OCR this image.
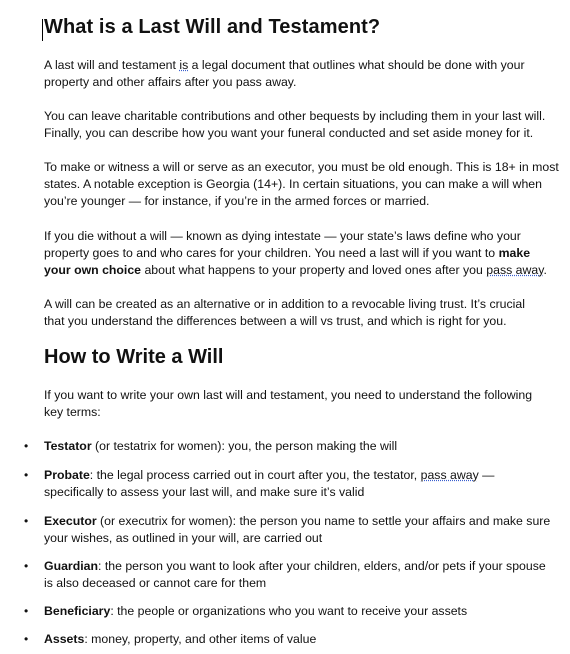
What is a Last Will and Testament?

A last will and testament is a legal document that outlines what should be done with your
property and other affairs after you pass away.

You can leave charitable contributions and other bequests by including them in your last will.
Finally, you can describe how you want your funeral conducted and set aside money for it.

To make or witness a will or serve as an executor, you must be old enough. This is 18+ in most
states. A notable exception is Georgia (14+). In certain situations, you can make a will when
you’re younger — for instance, if you’re in the armed forces or married.

If you die without a will — known as dying intestate — your state’s laws define who your
property goes to and who cares for your children. You need a last will if you want to make
your own choice about what happens to your property and loved ones after you pass away.

A will can be created as an alternative or in addition to a revocable living trust. It’s crucial
that you understand the differences between a will vs trust, and which is right for you.

How to Write a Will

If you want to write your own last will and testament, you need to understand the following
key terms:

• Testator (or testatrix for women): you, the person making the will
• Probate: the legal process carried out in court after you, the testator, pass away —
specifically to assess your last will, and make sure it’s valid
• Executor (or executrix for women): the person you name to settle your affairs and make sure
your wishes, as outlined in your will, are carried out
• Guardian: the person you want to look after your children, elders, and/or pets if your spouse
is also deceased or cannot care for them
• Beneficiary: the people or organizations who you want to receive your assets
• Assets: money, property, and other items of value
